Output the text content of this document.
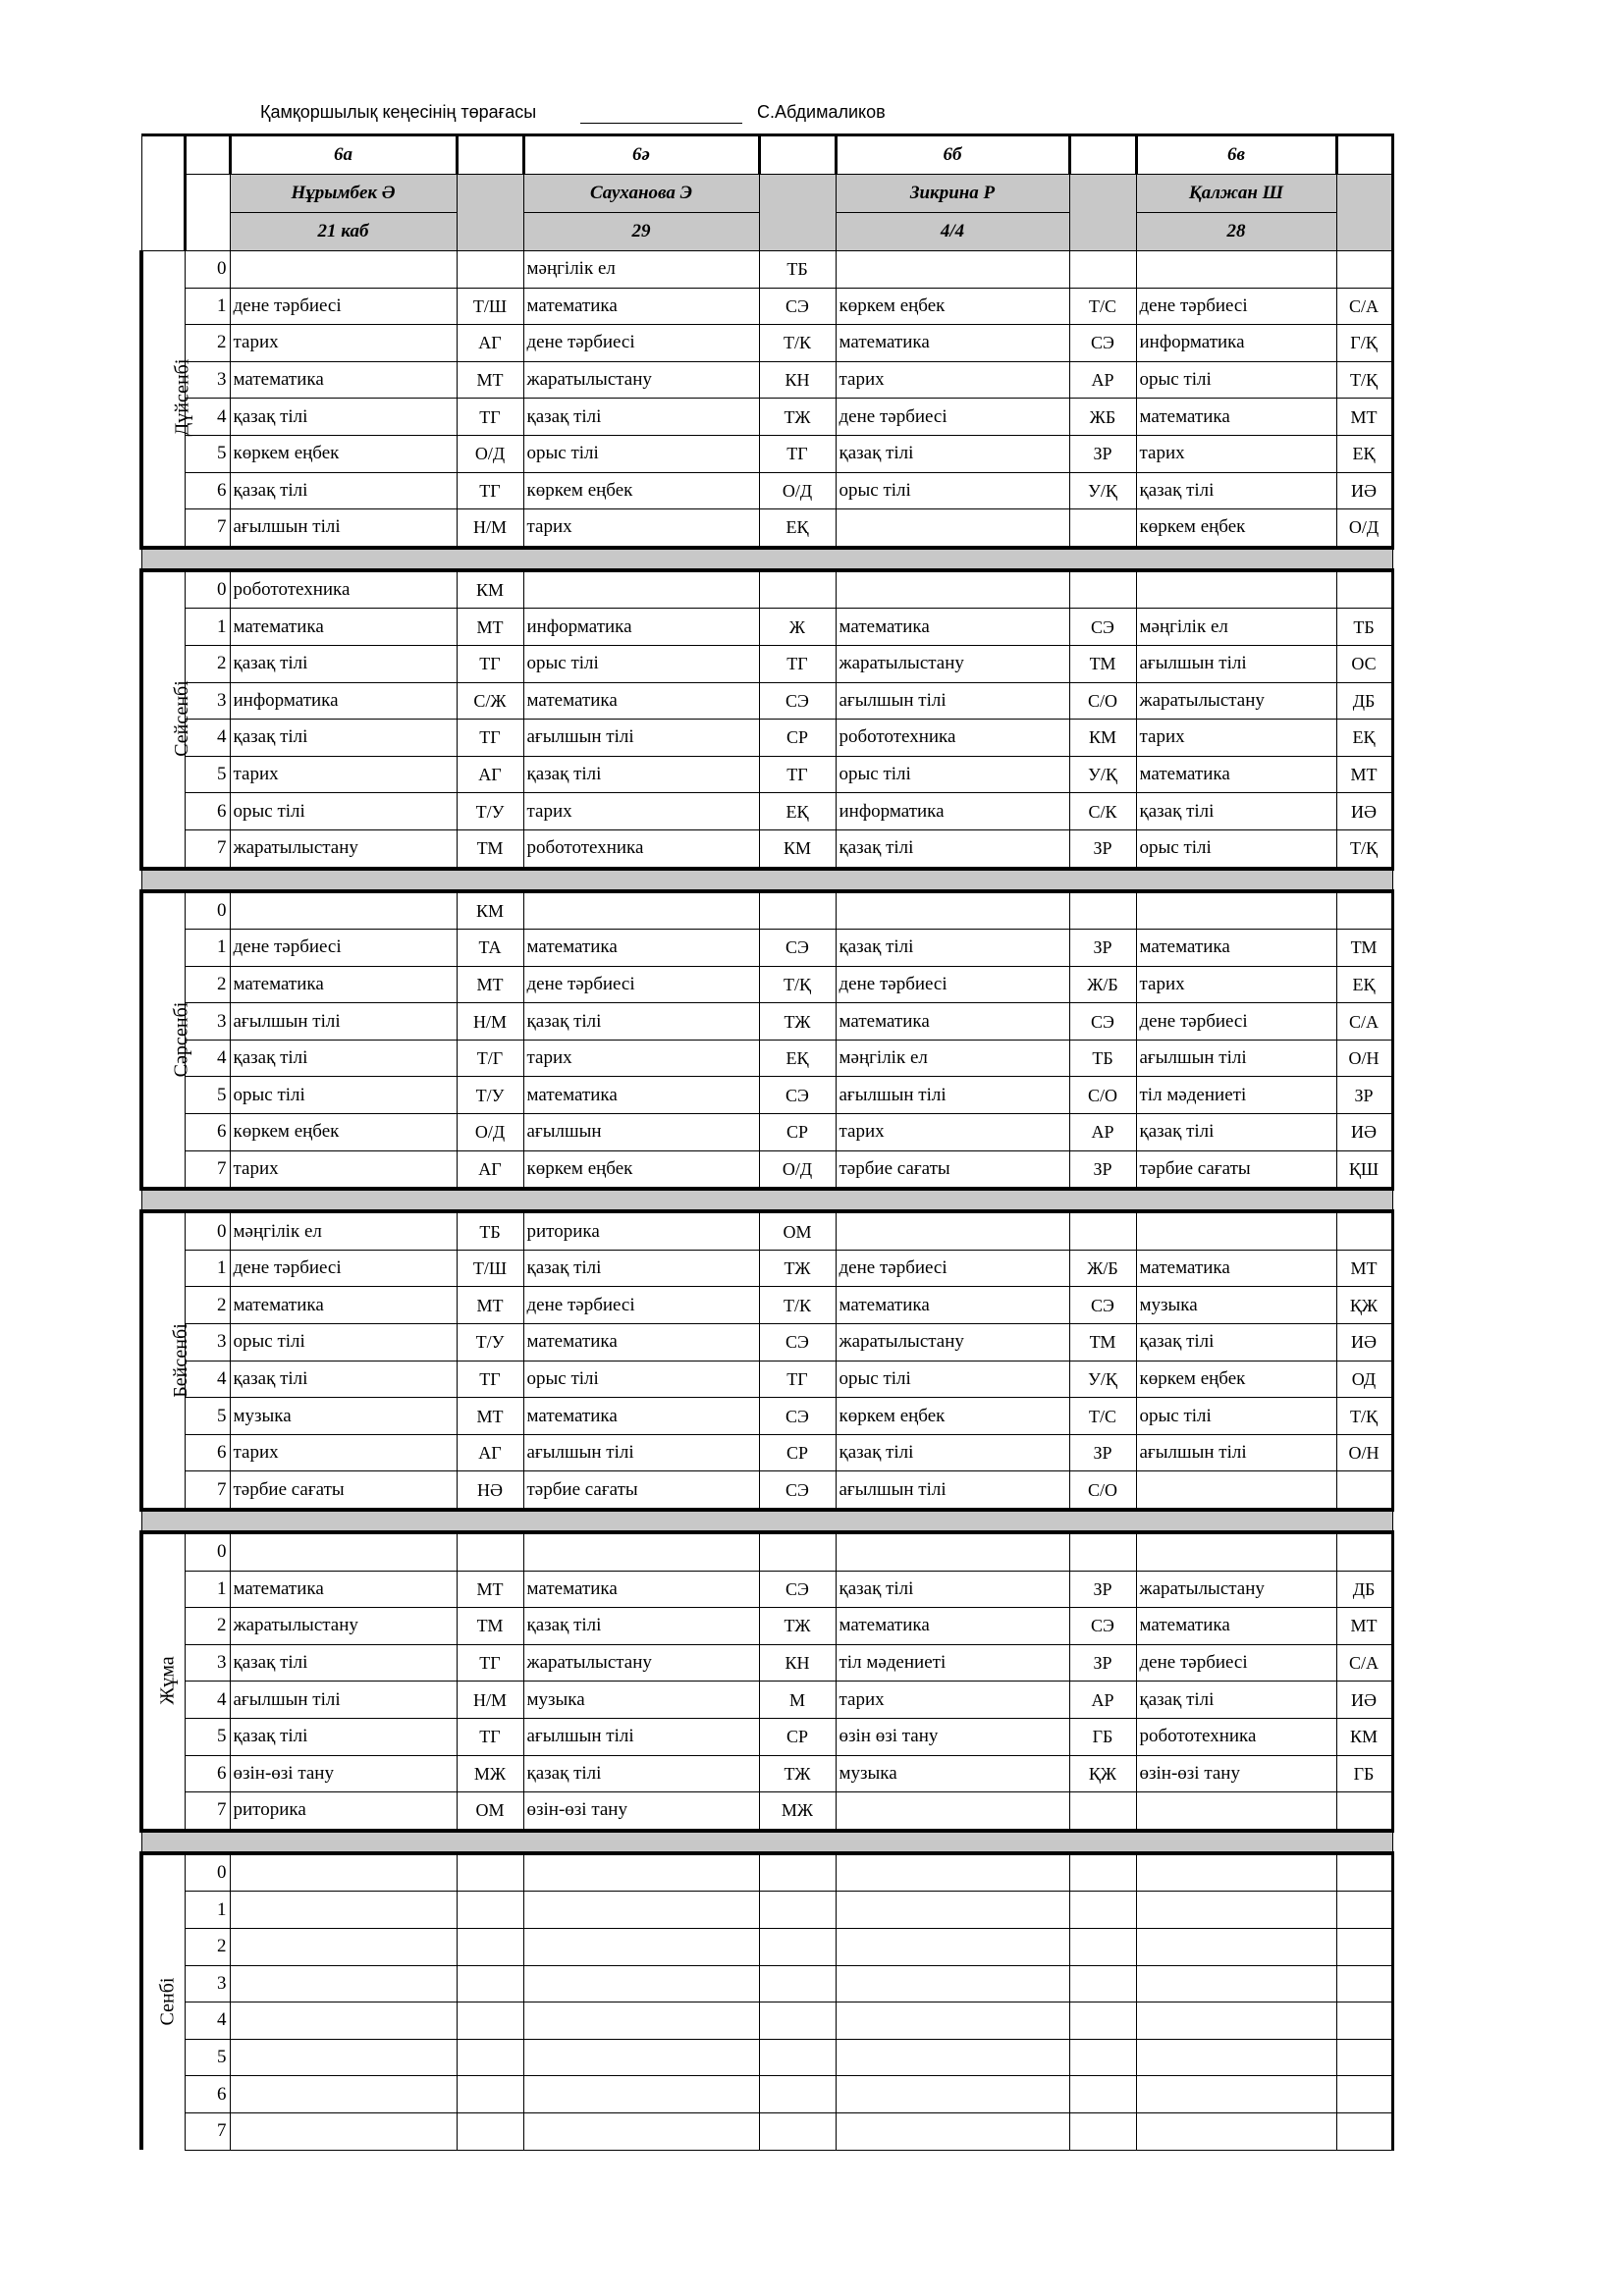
Қамқоршылық кеңесінің төрағасы	С.Абдималиков
		6а		6ә		6б		6в	
		Нұрымбек Ә		Сауханова Э		Зикрина Р		Қалжан Ш	
		21 каб		29		4/4		28	
Дүйсенбі	0			мәңгілік ел	ТБ				
	1	дене тәрбиесі	Т/Ш	математика	СЭ	көркем еңбек	Т/С	дене тәрбиесі	С/А
	2	тарих	АГ	дене тәрбиесі	Т/К	математика	СЭ	информатика	Г/Қ
	3	математика	МТ	жаратылыстану	КН	тарих	АР	орыс тілі	Т/Қ
	4	қазақ тілі	ТГ	қазақ тілі	ТЖ	дене тәрбиесі	ЖБ	математика	МТ
	5	көркем еңбек	О/Д	орыс тілі	ТГ	қазақ тілі	ЗР	тарих	ЕҚ
	6	қазақ тілі	ТГ	көркем еңбек	О/Д	орыс тілі	У/Қ	қазақ тілі	ИӘ
	7	ағылшын тілі	Н/М	тарих	ЕҚ			көркем еңбек	О/Д

Сейсенбі	0	робототехника	КМ						
	1	математика	МТ	информатика	Ж	математика	СЭ	мәңгілік ел	ТБ
	2	қазақ тілі	ТГ	орыс тілі	ТГ	жаратылыстану	ТМ	ағылшын тілі	ОС
	3	информатика	С/Ж	математика	СЭ	ағылшын тілі	С/О	жаратылыстану	ДБ
	4	қазақ тілі	ТГ	ағылшын тілі	СР	робототехника	КМ	тарих	ЕҚ
	5	тарих	АГ	қазақ тілі	ТГ	орыс тілі	У/Қ	математика	МТ
	6	орыс тілі	Т/У	тарих	ЕҚ	информатика	С/К	қазақ тілі	ИӘ
	7	жаратылыстану	ТМ	робототехника	КМ	қазақ тілі	ЗР	орыс тілі	Т/Қ

Сәрсенбі	0		КМ						
	1	дене тәрбиесі	ТА	математика	СЭ	қазақ тілі	ЗР	математика	ТМ
	2	математика	МТ	дене тәрбиесі	Т/Қ	дене тәрбиесі	Ж/Б	тарих	ЕҚ
	3	ағылшын тілі	Н/М	қазақ тілі	ТЖ	математика	СЭ	дене тәрбиесі	С/А
	4	қазақ тілі	Т/Г	тарих	ЕҚ	мәңгілік ел	ТБ	ағылшын тілі	О/Н
	5	орыс тілі	Т/У	математика	СЭ	ағылшын тілі	С/О	тіл мәдениеті	ЗР
	6	көркем еңбек	О/Д	ағылшын	СР	тарих	АР	қазақ тілі	ИӘ
	7	тарих	АГ	көркем еңбек	О/Д	тәрбие сағаты	ЗР	тәрбие сағаты	ҚШ

Бейсенбі	0	мәңгілік ел	ТБ	риторика	ОМ				
	1	дене тәрбиесі	Т/Ш	қазақ тілі	ТЖ	дене тәрбиесі	Ж/Б	математика	МТ
	2	математика	МТ	дене тәрбиесі	Т/К	математика	СЭ	музыка	ҚЖ
	3	орыс тілі	Т/У	математика	СЭ	жаратылыстану	ТМ	қазақ тілі	ИӘ
	4	қазақ тілі	ТГ	орыс тілі	ТГ	орыс тілі	У/Қ	көркем еңбек	ОД
	5	музыка	МТ	математика	СЭ	көркем еңбек	Т/С	орыс тілі	Т/Қ
	6	тарих	АГ	ағылшын тілі	СР	қазақ тілі	ЗР	ағылшын тілі	О/Н
	7	тәрбие сағаты	НӘ	тәрбие сағаты	СЭ	ағылшын тілі	С/О		

Жұма	0								
	1	математика	МТ	математика	СЭ	қазақ тілі	ЗР	жаратылыстану	ДБ
	2	жаратылыстану	ТМ	қазақ тілі	ТЖ	математика	СЭ	математика	МТ
	3	қазақ тілі	ТГ	жаратылыстану	КН	тіл мәдениеті	ЗР	дене тәрбиесі	С/А
	4	ағылшын тілі	Н/М	музыка	М	тарих	АР	қазақ тілі	ИӘ
	5	қазақ тілі	ТГ	ағылшын тілі	СР	өзін өзі тану	ГБ	робототехника	КМ
	6	өзін-өзі тану	МЖ	қазақ тілі	ТЖ	музыка	ҚЖ	өзін-өзі тану	ГБ
	7	риторика	ОМ	өзін-өзі тану	МЖ				

Сенбі	0								
	1								
	2								
	3								
	4								
	5								
	6								
	7								
